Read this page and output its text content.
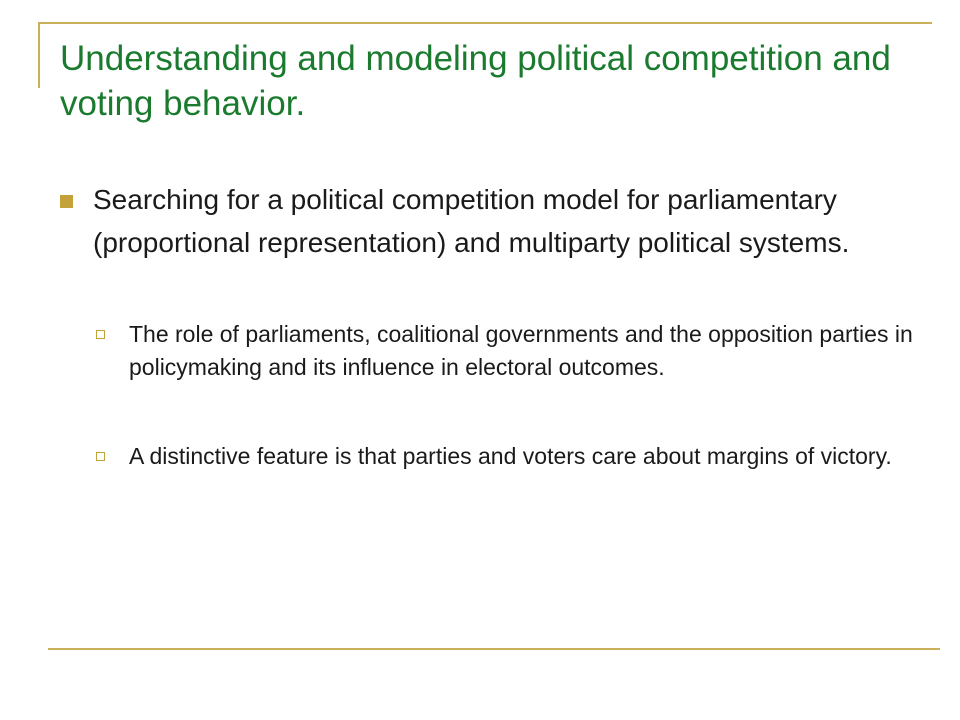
Understanding and modeling political competition and voting behavior.

Searching for a political competition model for parliamentary (proportional representation) and multiparty political systems.

The role of parliaments, coalitional governments and the opposition parties in policymaking and its influence in electoral outcomes.

A distinctive feature is that parties and voters care about margins of victory.
